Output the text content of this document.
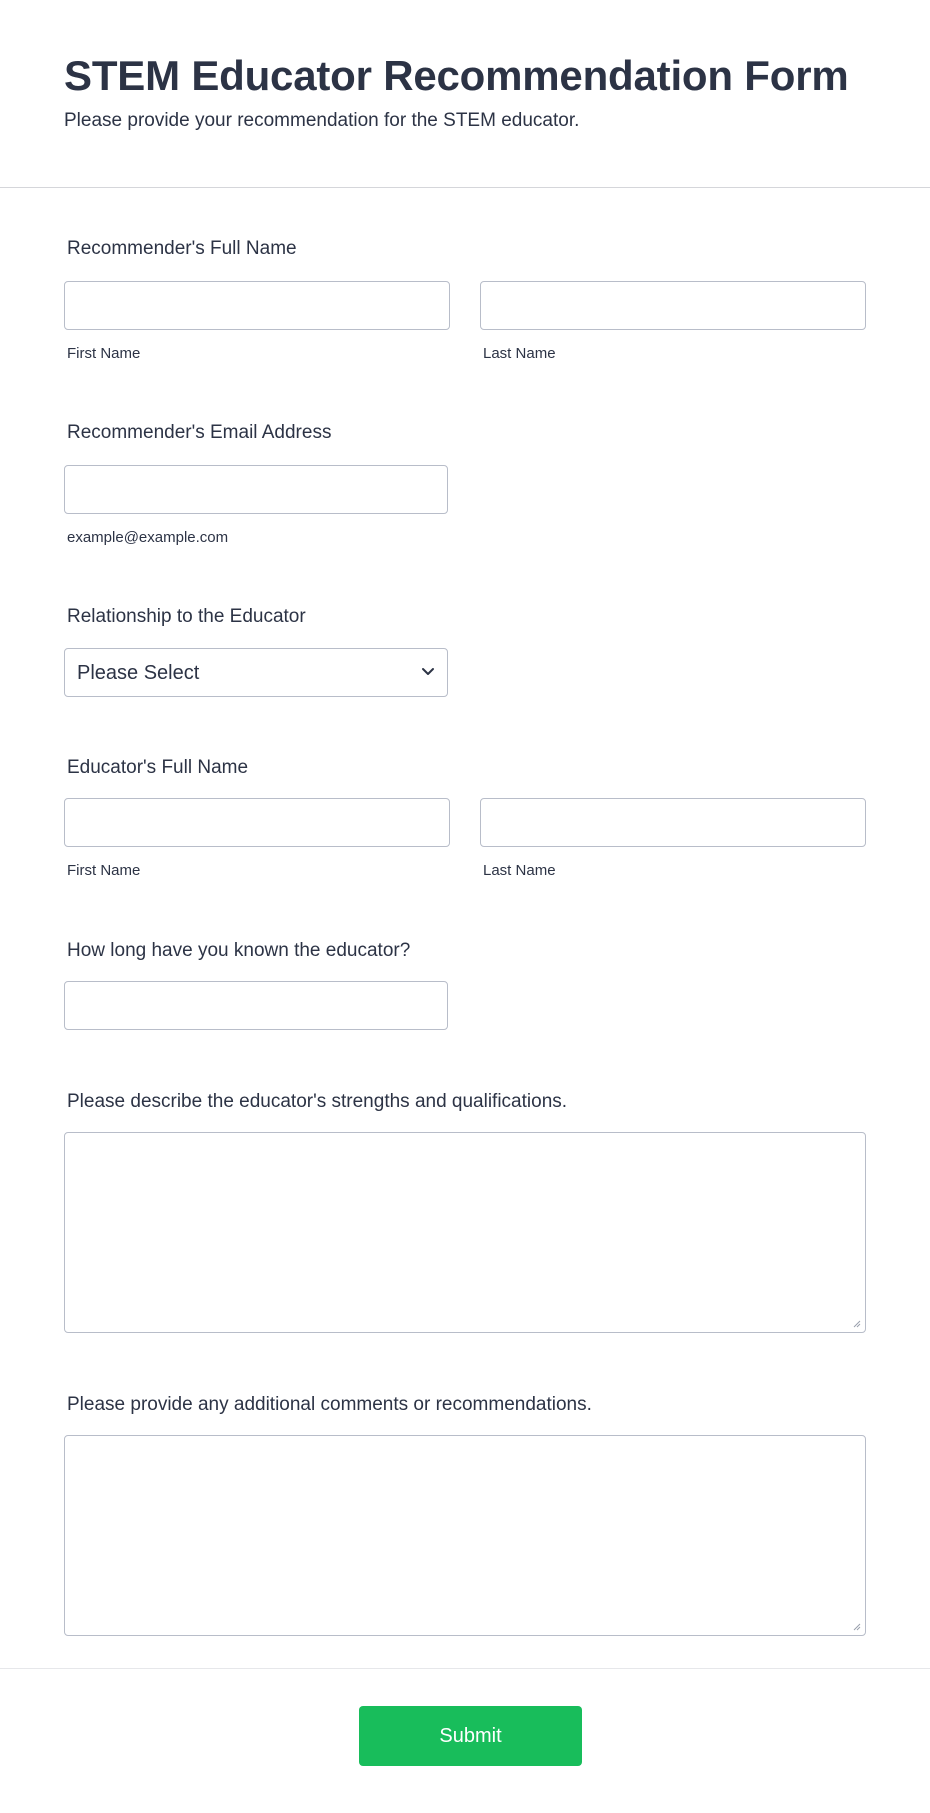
STEM Educator Recommendation Form
Please provide your recommendation for the STEM educator.
Recommender's Full Name
First Name	Last Name
Recommender's Email Address
example@example.com
Relationship to the Educator
Please Select
Educator's Full Name
First Name	Last Name
How long have you known the educator?
Please describe the educator's strengths and qualifications.
Please provide any additional comments or recommendations.
Submit
